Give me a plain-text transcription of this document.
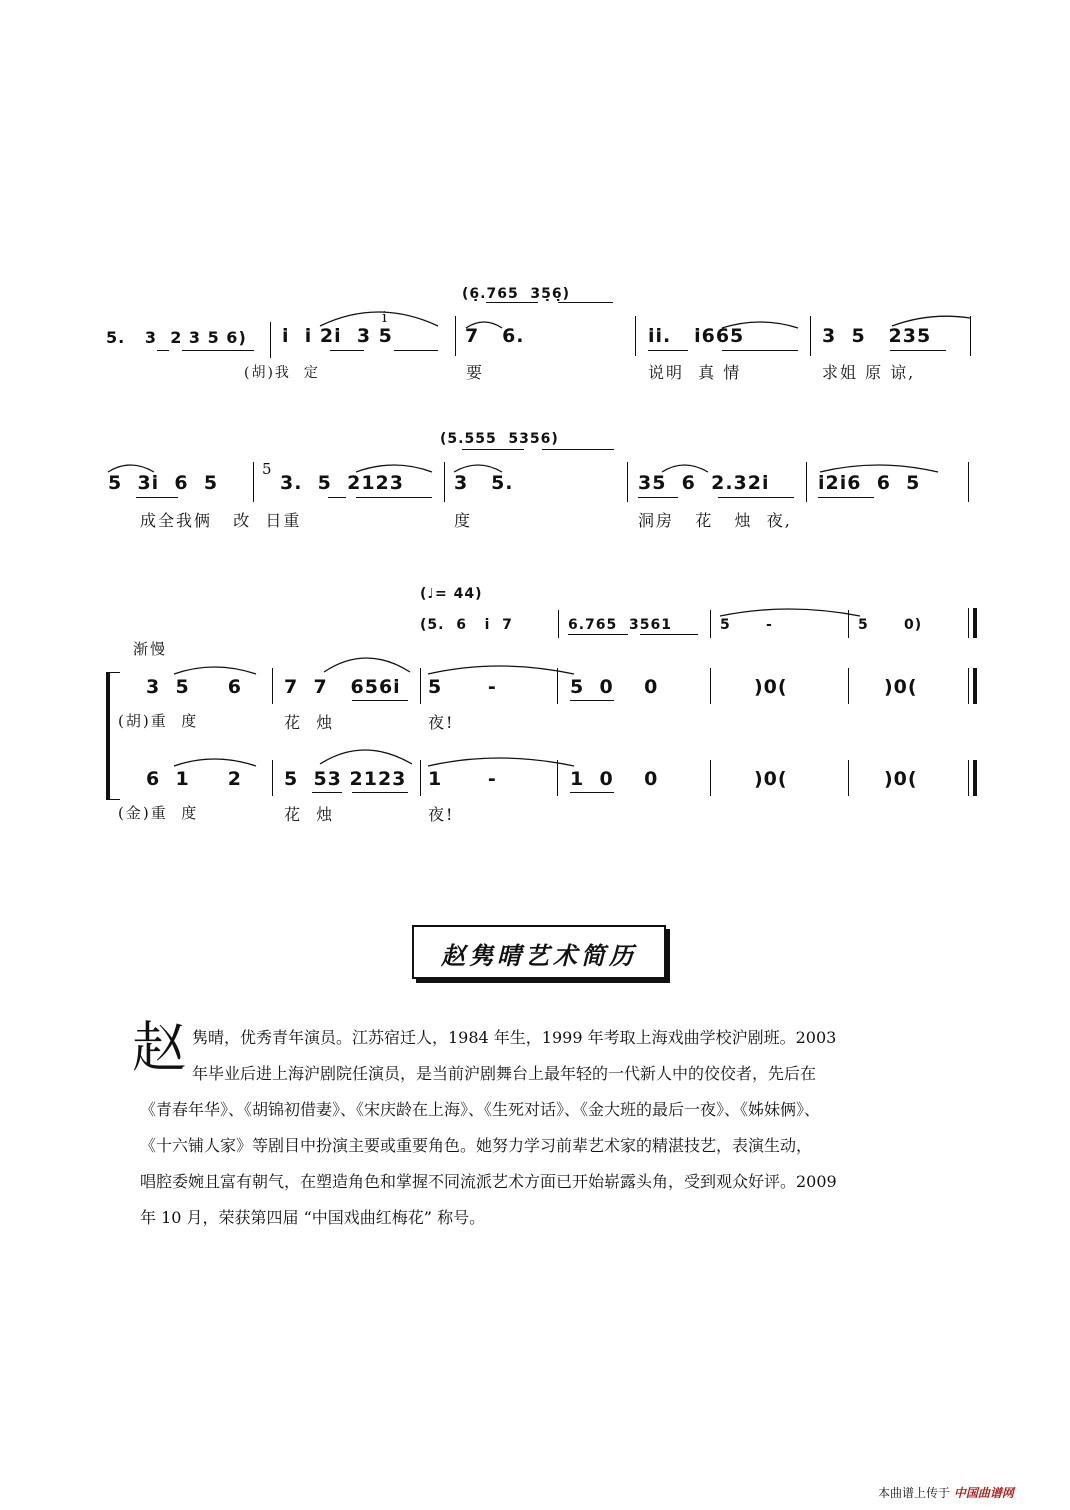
(6̣.765  35̣6̣)
5.   3  2 3 5 6) i  i 2i  3 5
i
7   6.	ii.   i665	3  5   235
(胡)我  定	要	说明  真 情	求姐 原 谅,
(5.555  5356)
5  3i  6  5
5
3.  5  2123	3   5.	35  6  2.32i	i2i6  6  5
成全我俩   改  日重	度	洞房   花   烛  夜,
(♩= 44)
(5.  6   i  7	6.765  3561	5      -	5      0)
渐慢
3  5     6 7  7   656i 5      -	5  0    0	)0(	)0(
(胡)重  度	花  烛	夜!
6  1     2 5  53 2123 1      -	1  0    0	)0(	)0(
(金)重  度	花  烛	夜!
赵隽晴艺术简历
赵 隽晴，优秀青年演员。江苏宿迁人，1984 年生，1999 年考取上海戏曲学校沪剧班。2003

年毕业后进上海沪剧院任演员，是当前沪剧舞台上最年轻的一代新人中的佼佼者，先后在

《青春年华》、《胡锦初借妻》、《宋庆龄在上海》、《生死对话》、《金大班的最后一夜》、《姊妹俩》、

《十六铺人家》等剧目中扮演主要或重要角色。她努力学习前辈艺术家的精湛技艺，表演生动，

唱腔委婉且富有朝气，在塑造角色和掌握不同流派艺术方面已开始崭露头角，受到观众好评。2009

年 10 月，荣获第四届 “中国戏曲红梅花” 称号。

本曲谱上传于 中国曲谱网
